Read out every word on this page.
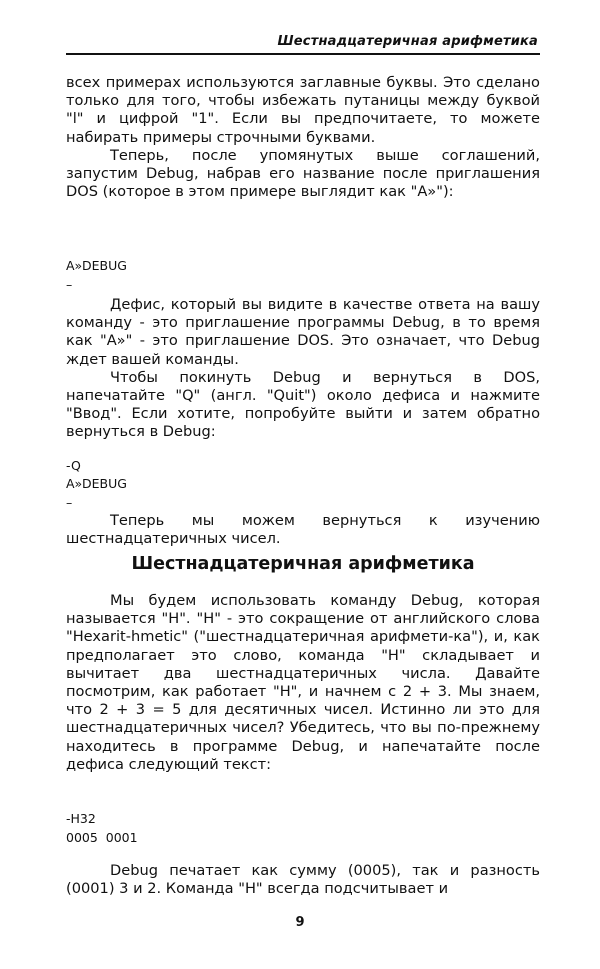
Шестнадцатеричная арифметика

всех примерах используются заглавные буквы. Это сделано только для того, чтобы избежать путаницы между буквой "l" и цифрой "1". Если вы предпочитаете, то можете набирать примеры строчными буквами.

Теперь, после упомянутых выше соглашений, запустим Debug, набрав его название после приглашения DOS (которое в этом примере выглядит как "А»"):

A»DEBUG
–

Дефис, который вы видите в качестве ответа на вашу команду - это приглашение программы Debug, в то время как "А»" - это приглашение DOS. Это означает, что Debug ждет вашей команды.

Чтобы покинуть Debug и вернуться в DOS, напечатайте "Q" (англ. "Quit") около дефиса и нажмите "Ввод". Если хотите, попробуйте выйти и затем обратно вернуться в Debug:

-Q
A»DEBUG
–

Теперь мы можем вернуться к изучению шестнадцатеричных чисел.

Шестнадцатеричная арифметика

Мы будем использовать команду Debug, которая называется "Н". "Н" - это сокращение от английского слова "Hexarit-hmetic" ("шестнадцатеричная арифмети-ка"), и, как предполагает это слово, команда "Н" складывает и вычитает два шестнадцатеричных числа. Давайте посмотрим, как работает "Н", и начнем с 2 + 3. Мы знаем, что 2 + 3 = 5 для десятичных чисел. Истинно ли это для шестнадцатеричных чисел? Убедитесь, что вы по-прежнему находитесь в программе Debug, и напечатайте после дефиса следующий текст:

-H32
0005  0001

Debug печатает как сумму (0005), так и разность (0001) 3 и 2. Команда "Н" всегда подсчитывает и

9
